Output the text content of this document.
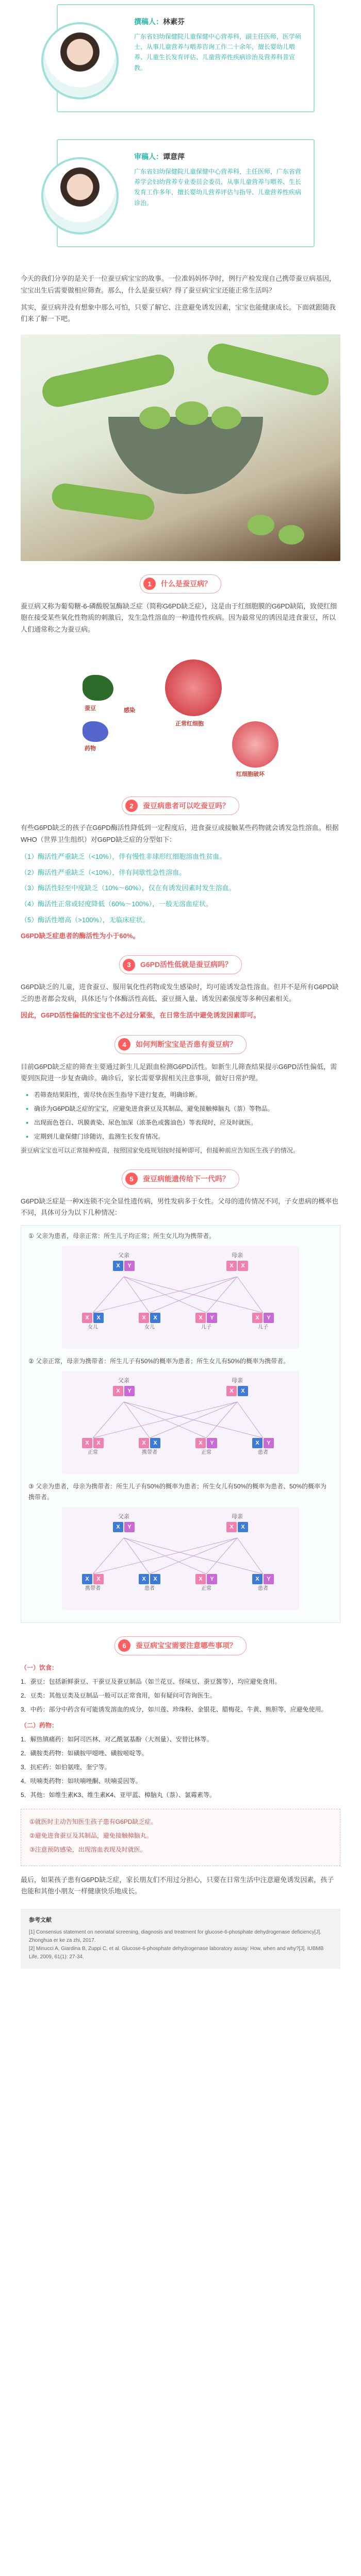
撰稿人：林素芬
广东省妇幼保健院儿童保健中心营养科，副主任医师，医学硕士，从事儿童营养与喂养咨询工作二十余年，擅长婴幼儿喂养、儿童生长发育评估、儿童营养性疾病诊治及营养科普宣教。
审稿人：谭意萍
广东省妇幼保健院儿童保健中心营养科，主任医师，广东省营养学会妇幼营养专业委员会委员，从事儿童营养与喂养、生长发育工作多年，擅长婴幼儿营养评估与指导、儿童营养性疾病诊治。

今天的我们分享的是关于一位蚕豆病宝宝的故事。一位准妈妈怀孕时，例行产检发现自己携带蚕豆病基因，宝宝出生后需要做相应筛查。那么，什么是蚕豆病？得了蚕豆病宝宝还能正常生活吗？

其实，蚕豆病并没有想象中那么可怕，只要了解它、注意避免诱发因素，宝宝也能健康成长。下面就跟随我们来了解一下吧。

1	什么是蚕豆病？

蚕豆病又称为葡萄糖-6-磷酸脱氢酶缺乏症（简称G6PD缺乏症），这是由于红细胞膜的G6PD缺陷，致使红细胞在接受某些氧化性物质的刺激后，发生急性溶血的一种遗传性疾病。因为最常见的诱因是进食蚕豆，所以人们通常称之为蚕豆病。

蚕豆
药物
感染
正常红细胞
红细胞破坏
2	蚕豆病患者可以吃蚕豆吗？

有些G6PD缺乏的孩子在G6PD酶活性降低到一定程度后，进食蚕豆或接触某些药物就会诱发急性溶血。根据WHO（世界卫生组织）对G6PD缺乏症的分型如下：

（1）酶活性严重缺乏（<10%），伴有慢性非球形红细胞溶血性贫血。

（2）酶活性严重缺乏（<10%），伴有间歇性急性溶血。

（3）酶活性轻至中度缺乏（10%～60%），仅在有诱发因素时发生溶血。

（4）酶活性正常或轻度降低（60%～100%），一般无溶血症状。

（5）酶活性增高（>100%），无临床症状。

G6PD缺乏症患者的酶活性为小于60%。

3	G6PD活性低就是蚕豆病吗？

G6PD缺乏的儿童，进食蚕豆、服用氧化性药物或发生感染时，均可能诱发急性溶血。但并不是所有G6PD缺乏的患者都会发病，具体还与个体酶活性高低、蚕豆摄入量、诱发因素强度等多种因素相关。

因此，G6PD活性偏低的宝宝也不必过分紧张，在日常生活中避免诱发因素即可。

4	如何判断宝宝是否患有蚕豆病？

目前G6PD缺乏症的筛查主要通过新生儿足跟血检测G6PD活性。如新生儿筛查结果提示G6PD活性偏低，需要到医院进一步复查确诊。确诊后，家长需要掌握相关注意事项，做好日常护理。

● 若筛查结果阳性，需尽快在医生指导下进行复查，明确诊断。

● 确诊为G6PD缺乏症的宝宝，应避免进食蚕豆及其制品，避免接触樟脑丸（萘）等物品。

● 出现面色苍白、巩膜黄染、尿色加深（浓茶色或酱油色）等表现时，应及时就医。

● 定期到儿童保健门诊随访，监测生长发育情况。

蚕豆病宝宝也可以正常接种疫苗，按照国家免疫规划按时接种即可，但接种前应告知医生孩子的情况。

5	蚕豆病能遗传给下一代吗？

G6PD缺乏症是一种X连锁不完全显性遗传病，男性发病多于女性。父母的遗传情况不同，子女患病的概率也不同，具体可分为以下几种情况：

① 父亲为患者，母亲正常：所生儿子均正常；所生女儿均为携带者。

父亲
X Y
母亲
X X
X X
女儿
X X
女儿
X Y
儿子
X Y
儿子

② 父亲正常，母亲为携带者：所生儿子有50%的概率为患者；所生女儿有50%的概率为携带者。

父亲
X Y
母亲
X X
X X
正常
X X
携带者
X Y
正常
X Y
患者

③ 父亲为患者，母亲为携带者：所生儿子有50%的概率为患者；所生女儿有50%的概率为患者、50%的概率为携带者。

父亲
X Y
母亲
X X
X X
携带者
X X
患者
X Y
正常
X Y
患者
6	蚕豆病宝宝需要注意哪些事项？

（一）饮食：

1．蚕豆：包括新鲜蚕豆、干蚕豆及蚕豆制品（如兰花豆、怪味豆、蚕豆酱等），均应避免食用。

2．豆类：其他豆类及豆制品一般可以正常食用，如有疑问可咨询医生。

3．中药：部分中药含有可能诱发溶血的成分，如川莲、珍珠粉、金银花、腊梅花、牛黄、熊胆等，应避免使用。

（二）药物：

1．解热镇痛药：如阿司匹林、对乙酰氨基酚（大剂量）、安替比林等。

2．磺胺类药物：如磺胺甲噁唑、磺胺嘧啶等。

3．抗疟药：如伯氨喹、奎宁等。

4．呋喃类药物：如呋喃唑酮、呋喃妥因等。

5．其他：如维生素K3、维生素K4、亚甲蓝、樟脑丸（萘）、氯霉素等。

①就医时主动告知医生孩子患有G6PD缺乏症。

②避免进食蚕豆及其制品，避免接触樟脑丸。

③注意预防感染，出现溶血表现及时就医。

最后，如果孩子患有G6PD缺乏症，家长朋友们不用过分担心，只要在日常生活中注意避免诱发因素，孩子也能和其他小朋友一样健康快乐地成长。

参考文献

[1] Consensus statement on neonatal screening, diagnosis and treatment for glucose-6-phosphate dehydrogenase deficiency[J]. Zhonghua er ke za zhi, 2017.

[2] Minucci A, Giardina B, Zuppi C, et al. Glucose-6-phosphate dehydrogenase laboratory assay: How, when and why?[J]. IUBMB Life, 2009, 61(1): 27-34.
